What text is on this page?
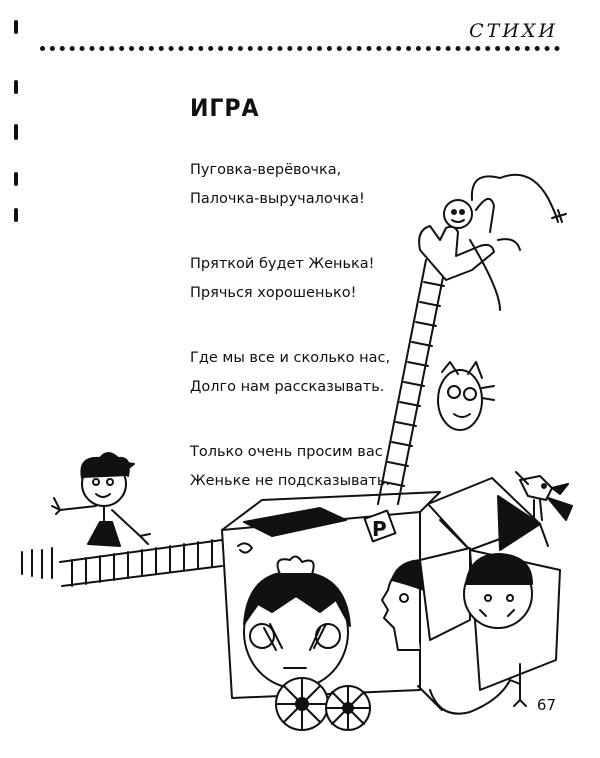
СТИХИ
ИГРА
Пуговка-верёвочка,
Палочка-выручалочка!
Пряткой будет Женька!
Прячься хорошенько!
Где мы все и сколько нас,
Долго нам рассказывать.
Только очень просим вас
Женьке не подсказывать.
Р
67
